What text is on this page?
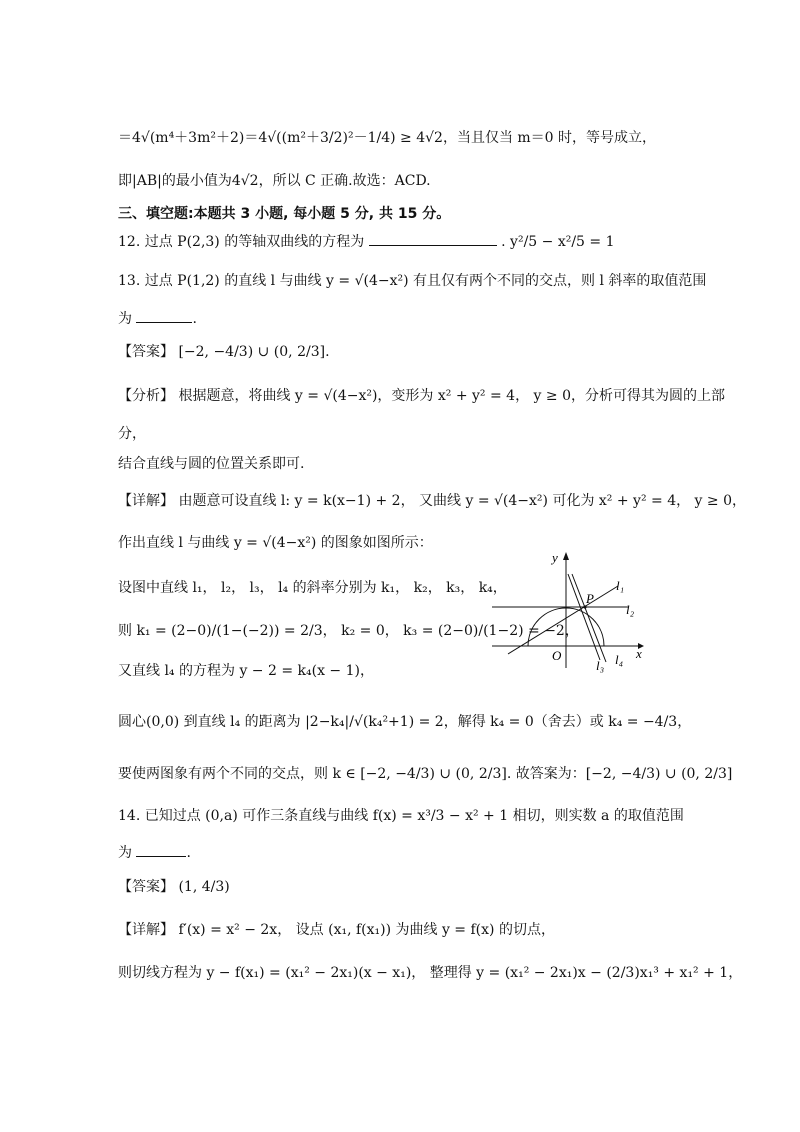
＝4√(m⁴＋3m²＋2)＝4√((m²＋3/2)²－1/4) ≥ 4√2，当且仅当 m＝0 时，等号成立，
即|AB|的最小值为4√2，所以 C 正确.故选：ACD.
三、填空题:本题共 3 小题, 每小题 5 分, 共 15 分。
12. 过点 P(2,3) 的等轴双曲线的方程为	. y²/5 − x²/5 = 1
13. 过点 P(1,2) 的直线 l 与曲线 y = √(4−x²) 有且仅有两个不同的交点，则 l 斜率的取值范围
为	.
【答案】 [−2, −4/3) ∪ (0, 2/3].
【分析】 根据题意，将曲线 y = √(4−x²)，变形为 x² + y² = 4， y ≥ 0，分析可得其为圆的上部
分，
结合直线与圆的位置关系即可.
【详解】 由题意可设直线 l: y = k(x−1) + 2， 又曲线 y = √(4−x²) 可化为 x² + y² = 4， y ≥ 0，
作出直线 l 与曲线 y = √(4−x²) 的图象如图所示：
设图中直线 l₁， l₂， l₃， l₄ 的斜率分别为 k₁， k₂， k₃， k₄，
则 k₁ = (2−0)/(1−(−2)) = 2/3， k₂ = 0， k₃ = (2−0)/(1−2) = −2，
又直线 l₄ 的方程为 y − 2 = k₄(x − 1)，
圆心(0,0) 到直线 l₄ 的距离为 |2−k₄|/√(k₄²+1) = 2，解得 k₄ = 0（舍去）或 k₄ = −4/3，
要使两图象有两个不同的交点，则 k ∈ [−2, −4/3) ∪ (0, 2/3]. 故答案为：[−2, −4/3) ∪ (0, 2/3]
y
x
O
P
l₁
l₂
l₃ l₄
14. 已知过点 (0,a) 可作三条直线与曲线 f(x) = x³/3 − x² + 1 相切，则实数 a 的取值范围
为	.
【答案】 (1, 4/3)
【详解】 f′(x) = x² − 2x， 设点 (x₁, f(x₁)) 为曲线 y = f(x) 的切点，
则切线方程为 y − f(x₁) = (x₁² − 2x₁)(x − x₁)， 整理得 y = (x₁² − 2x₁)x − (2/3)x₁³ + x₁² + 1，
